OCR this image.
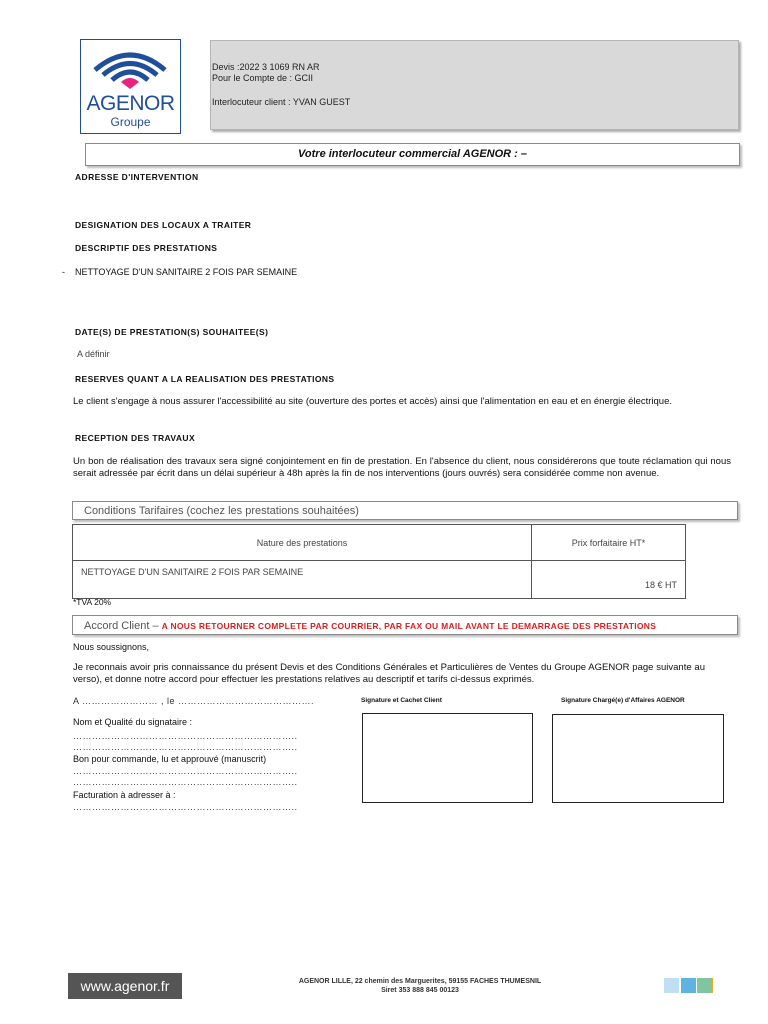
AGENOR
Groupe
Devis :2022 3 1069 RN AR
Pour le Compte de : GCII
Interlocuteur client : YVAN GUEST
Votre interlocuteur commercial AGENOR : –
ADRESSE D'INTERVENTION
DESIGNATION DES LOCAUX A TRAITER
DESCRIPTIF DES PRESTATIONS
- NETTOYAGE D'UN SANITAIRE 2 FOIS PAR SEMAINE
DATE(S) DE PRESTATION(S) SOUHAITEE(S)
A définir
RESERVES QUANT A LA REALISATION DES PRESTATIONS
Le client s'engage à nous assurer l'accessibilité au site (ouverture des portes et accès) ainsi que l'alimentation en eau et en énergie électrique.
RECEPTION DES TRAVAUX
Un bon de réalisation des travaux sera signé conjointement en fin de prestation. En l'absence du client, nous considérerons que toute réclamation qui nous serait adressée par écrit dans un délai supérieur à 48h après la fin de nos interventions (jours ouvrés) sera considérée comme non avenue.
Conditions Tarifaires (cochez les prestations souhaitées)
Nature des prestations	Prix forfaitaire HT*
NETTOYAGE D'UN SANITAIRE 2 FOIS PAR SEMAINE	18 € HT
*TVA 20%
Accord Client – A NOUS RETOURNER COMPLETE PAR COURRIER, PAR FAX OU MAIL AVANT LE DEMARRAGE DES PRESTATIONS
Nous soussignons,
Je reconnais avoir pris connaissance du présent Devis et des Conditions Générales et Particulières de Ventes du Groupe AGENOR page suivante au verso), et donne notre accord pour effectuer les prestations relatives au descriptif et tarifs ci-dessus exprimés.
A …………………… , le …………………………………….
Nom et Qualité du signataire :
……………………………………………………………..
……………………………………………………………..
Bon pour commande, lu et approuvé (manuscrit)
……………………………………………………………..
……………………………………………………………..
Facturation à adresser à :
……………………………………………………………..
Signature et Cachet Client	Signature Chargé(e) d'Affaires AGENOR
www.agenor.fr	AGENOR LILLE, 22 chemin des Marguerites, 59155 FACHES THUMESNIL
Siret 353 888 845 00123
